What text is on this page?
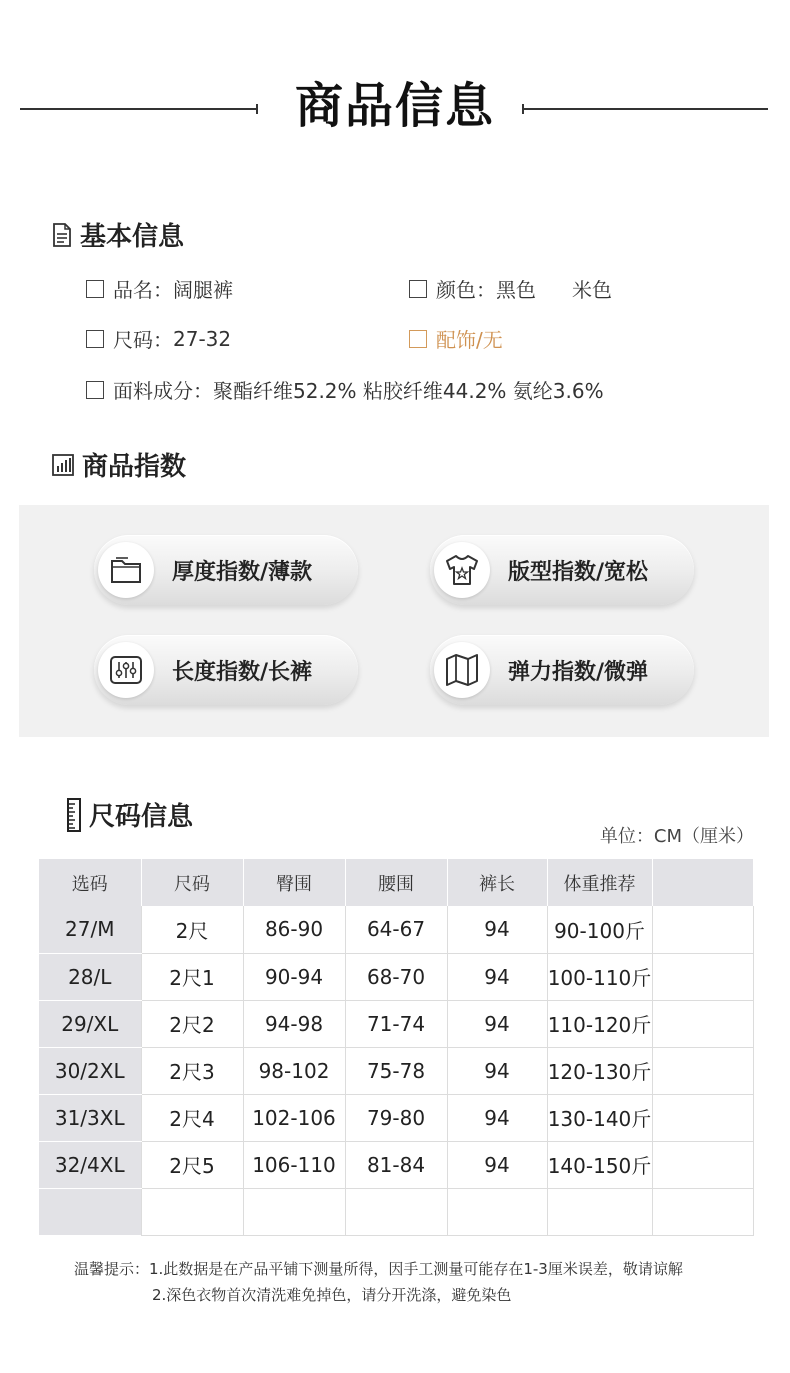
商品信息
基本信息
品名： 阔腿裤	颜色： 黑色 米色
尺码： 27-32	配饰/无
面料成分： 聚酯纤维52.2% 粘胶纤维44.2% 氨纶3.6%
商品指数
厚度指数/薄款	版型指数/宽松
长度指数/长裤	弹力指数/微弹
尺码信息
单位：CM（厘米）
选码	尺码	臀围	腰围	裤长	体重推荐	
27/M	2尺	86-90	64-67	94	90-100斤	
28/L	2尺1	90-94	68-70	94	100-110斤	
29/XL	2尺2	94-98	71-74	94	110-120斤	
30/2XL	2尺3	98-102	75-78	94	120-130斤	
31/3XL	2尺4	102-106	79-80	94	130-140斤	
32/4XL	2尺5	106-110	81-84	94	140-150斤	

温馨提示：1.此数据是在产品平铺下测量所得，因手工测量可能存在1-3厘米误差，敬请谅解
2.深色衣物首次清洗难免掉色，请分开洗涤，避免染色
